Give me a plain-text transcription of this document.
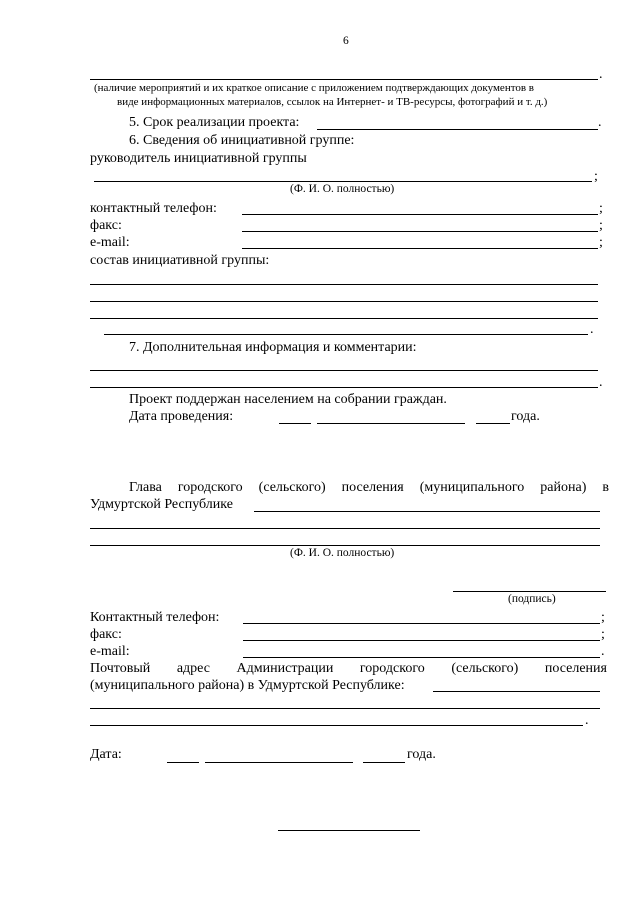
6
.
(наличие мероприятий и их краткое описание с приложением подтверждающих документов в
виде информационных материалов, ссылок на Интернет- и ТВ-ресурсы, фотографий и т. д.)
5. Срок реализации проекта:	.
6. Сведения об инициативной группе:
руководитель инициативной группы
;
(Ф. И. О. полностью)
контактный телефон:	;
факс:	;
e-mail:	;
состав инициативной группы:
.
7. Дополнительная информация и комментарии:
.
Проект поддержан населением на собрании граждан.
Дата проведения:	года.
Глава городского (сельского) поселения (муниципального района) в
Удмуртской Республике
(Ф. И. О. полностью)
(подпись)
Контактный телефон:	;
факс:	;
e-mail:	.
Почтовый адрес Администрации городского (сельского) поселения
(муниципального района) в Удмуртской Республике:
.
Дата:	года.
